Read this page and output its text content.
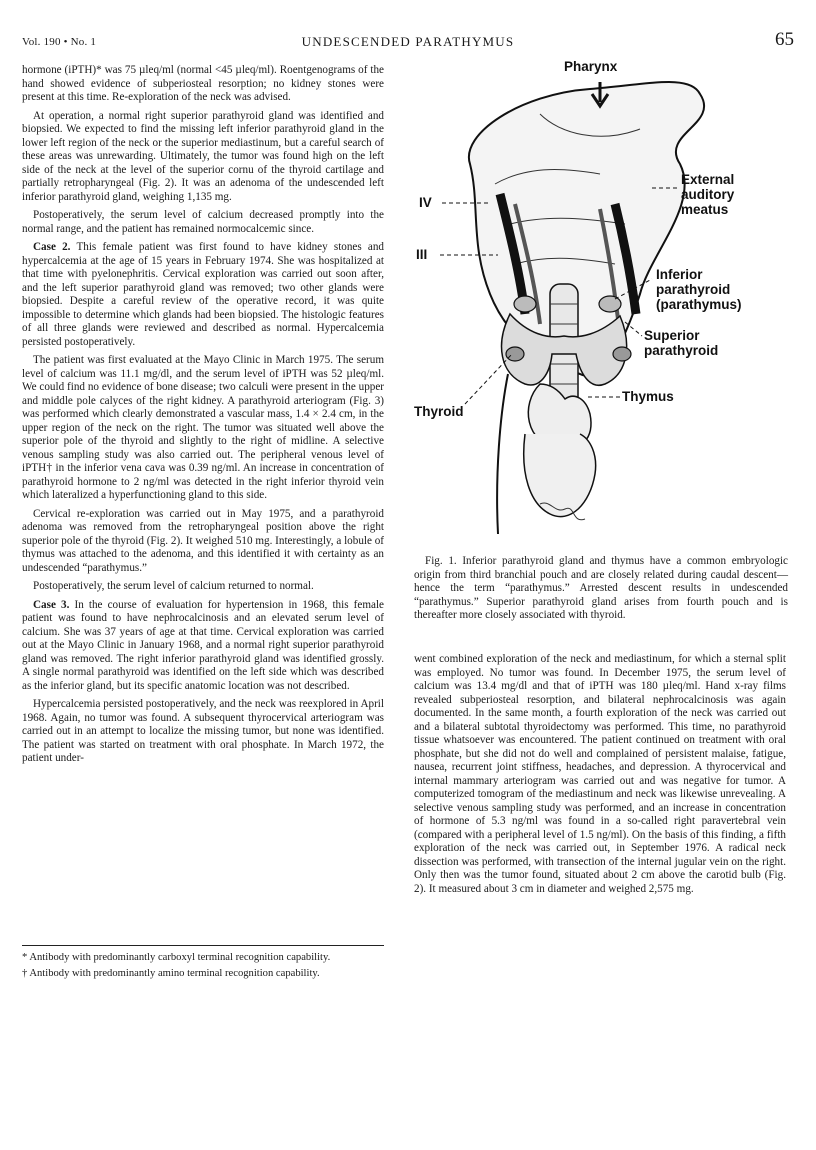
Vol. 190 • No. 1	UNDESCENDED PARATHYMUS	65

hormone (iPTH)* was 75 µleq/ml (normal <45 µleq/ml). Roentgenograms of the hand showed evidence of subperiosteal resorption; no kidney stones were present at this time. Re-exploration of the neck was advised.

At operation, a normal right superior parathyroid gland was identified and biopsied. We expected to find the missing left inferior parathyroid gland in the lower left region of the neck or the superior mediastinum, but a careful search of these areas was unrewarding. Ultimately, the tumor was found high on the left side of the neck at the level of the superior cornu of the thyroid cartilage and partially retropharyngeal (Fig. 2). It was an adenoma of the undescended left inferior parathyroid gland, weighing 1,135 mg.

Postoperatively, the serum level of calcium decreased promptly into the normal range, and the patient has remained normocalcemic since.

Case 2. This female patient was first found to have kidney stones and hypercalcemia at the age of 15 years in February 1974. She was hospitalized at that time with pyelonephritis. Cervical exploration was carried out soon after, and the left superior parathyroid gland was removed; two other glands were biopsied. Despite a careful review of the operative record, it was quite impossible to determine which glands had been biopsied. The histologic features of all three glands were reviewed and described as normal. Hypercalcemia persisted postoperatively.

The patient was first evaluated at the Mayo Clinic in March 1975. The serum level of calcium was 11.1 mg/dl, and the serum level of iPTH was 52 µleq/ml. We could find no evidence of bone disease; two calculi were present in the upper and middle pole calyces of the right kidney. A parathyroid arteriogram (Fig. 3) was performed which clearly demonstrated a vascular mass, 1.4 × 2.4 cm, in the upper region of the neck on the right. The tumor was situated well above the superior pole of the thyroid and slightly to the right of midline. A selective venous sampling study was also carried out. The peripheral venous level of iPTH† in the inferior vena cava was 0.39 ng/ml. An increase in concentration of parathyroid hormone to 2 ng/ml was detected in the right inferior thyroid vein which lateralized a hyperfunctioning gland to this side.

Cervical re-exploration was carried out in May 1975, and a parathyroid adenoma was removed from the retropharyngeal position above the right superior pole of the thyroid (Fig. 2). It weighed 510 mg. Interestingly, a lobule of thymus was attached to the adenoma, and this identified it with certainty as an undescended “parathymus.”

Postoperatively, the serum level of calcium returned to normal.

Case 3. In the course of evaluation for hypertension in 1968, this female patient was found to have nephrocalcinosis and an elevated serum level of calcium. She was 37 years of age at that time. Cervical exploration was carried out at the Mayo Clinic in January 1968, and a normal right superior parathyroid gland was removed. The right inferior parathyroid gland was identified grossly. A single normal parathyroid was identified on the left side which was described as the inferior gland, but its specific anatomic location was not described.

Hypercalcemia persisted postoperatively, and the neck was reexplored in April 1968. Again, no tumor was found. A subsequent thyrocervical arteriogram was carried out in an attempt to localize the missing tumor, but none was identified. The patient was started on treatment with oral phosphate. In March 1972, the patient under-

* Antibody with predominantly carboxyl terminal recognition capability.

† Antibody with predominantly amino terminal recognition capability.

Pharynx
External
auditory
meatus
IV
III
Inferior
parathyroid
(parathymus)
Superior
parathyroid
Thymus
Thyroid
Fig. 1. Inferior parathyroid gland and thymus have a common embryologic origin from third branchial pouch and are closely related during caudal descent—hence the term “parathymus.” Arrested descent results in undescended “parathymus.” Superior parathyroid gland arises from fourth pouch and is thereafter more closely associated with thyroid.

went combined exploration of the neck and mediastinum, for which a sternal split was employed. No tumor was found. In December 1975, the serum level of calcium was 13.4 mg/dl and that of iPTH was 180 µleq/ml. Hand x-ray films revealed subperiosteal resorption, and bilateral nephrocalcinosis was again documented. In the same month, a fourth exploration of the neck was carried out and a bilateral subtotal thyroidectomy was performed. This time, no parathyroid tissue whatsoever was encountered. The patient continued on treatment with oral phosphate, but she did not do well and complained of persistent malaise, fatigue, nausea, recurrent joint stiffness, headaches, and depression. A thyrocervical and internal mammary arteriogram was carried out and was negative for tumor. A computerized tomogram of the mediastinum and neck was likewise unrevealing. A selective venous sampling study was performed, and an increase in concentration of hormone of 5.3 ng/ml was found in a so-called right paravertebral vein (compared with a peripheral level of 1.5 ng/ml). On the basis of this finding, a fifth exploration of the neck was carried out, in September 1976. A radical neck dissection was performed, with transection of the internal jugular vein on the right. Only then was the tumor found, situated about 2 cm above the carotid bulb (Fig. 2). It measured about 3 cm in diameter and weighed 2,575 mg.
